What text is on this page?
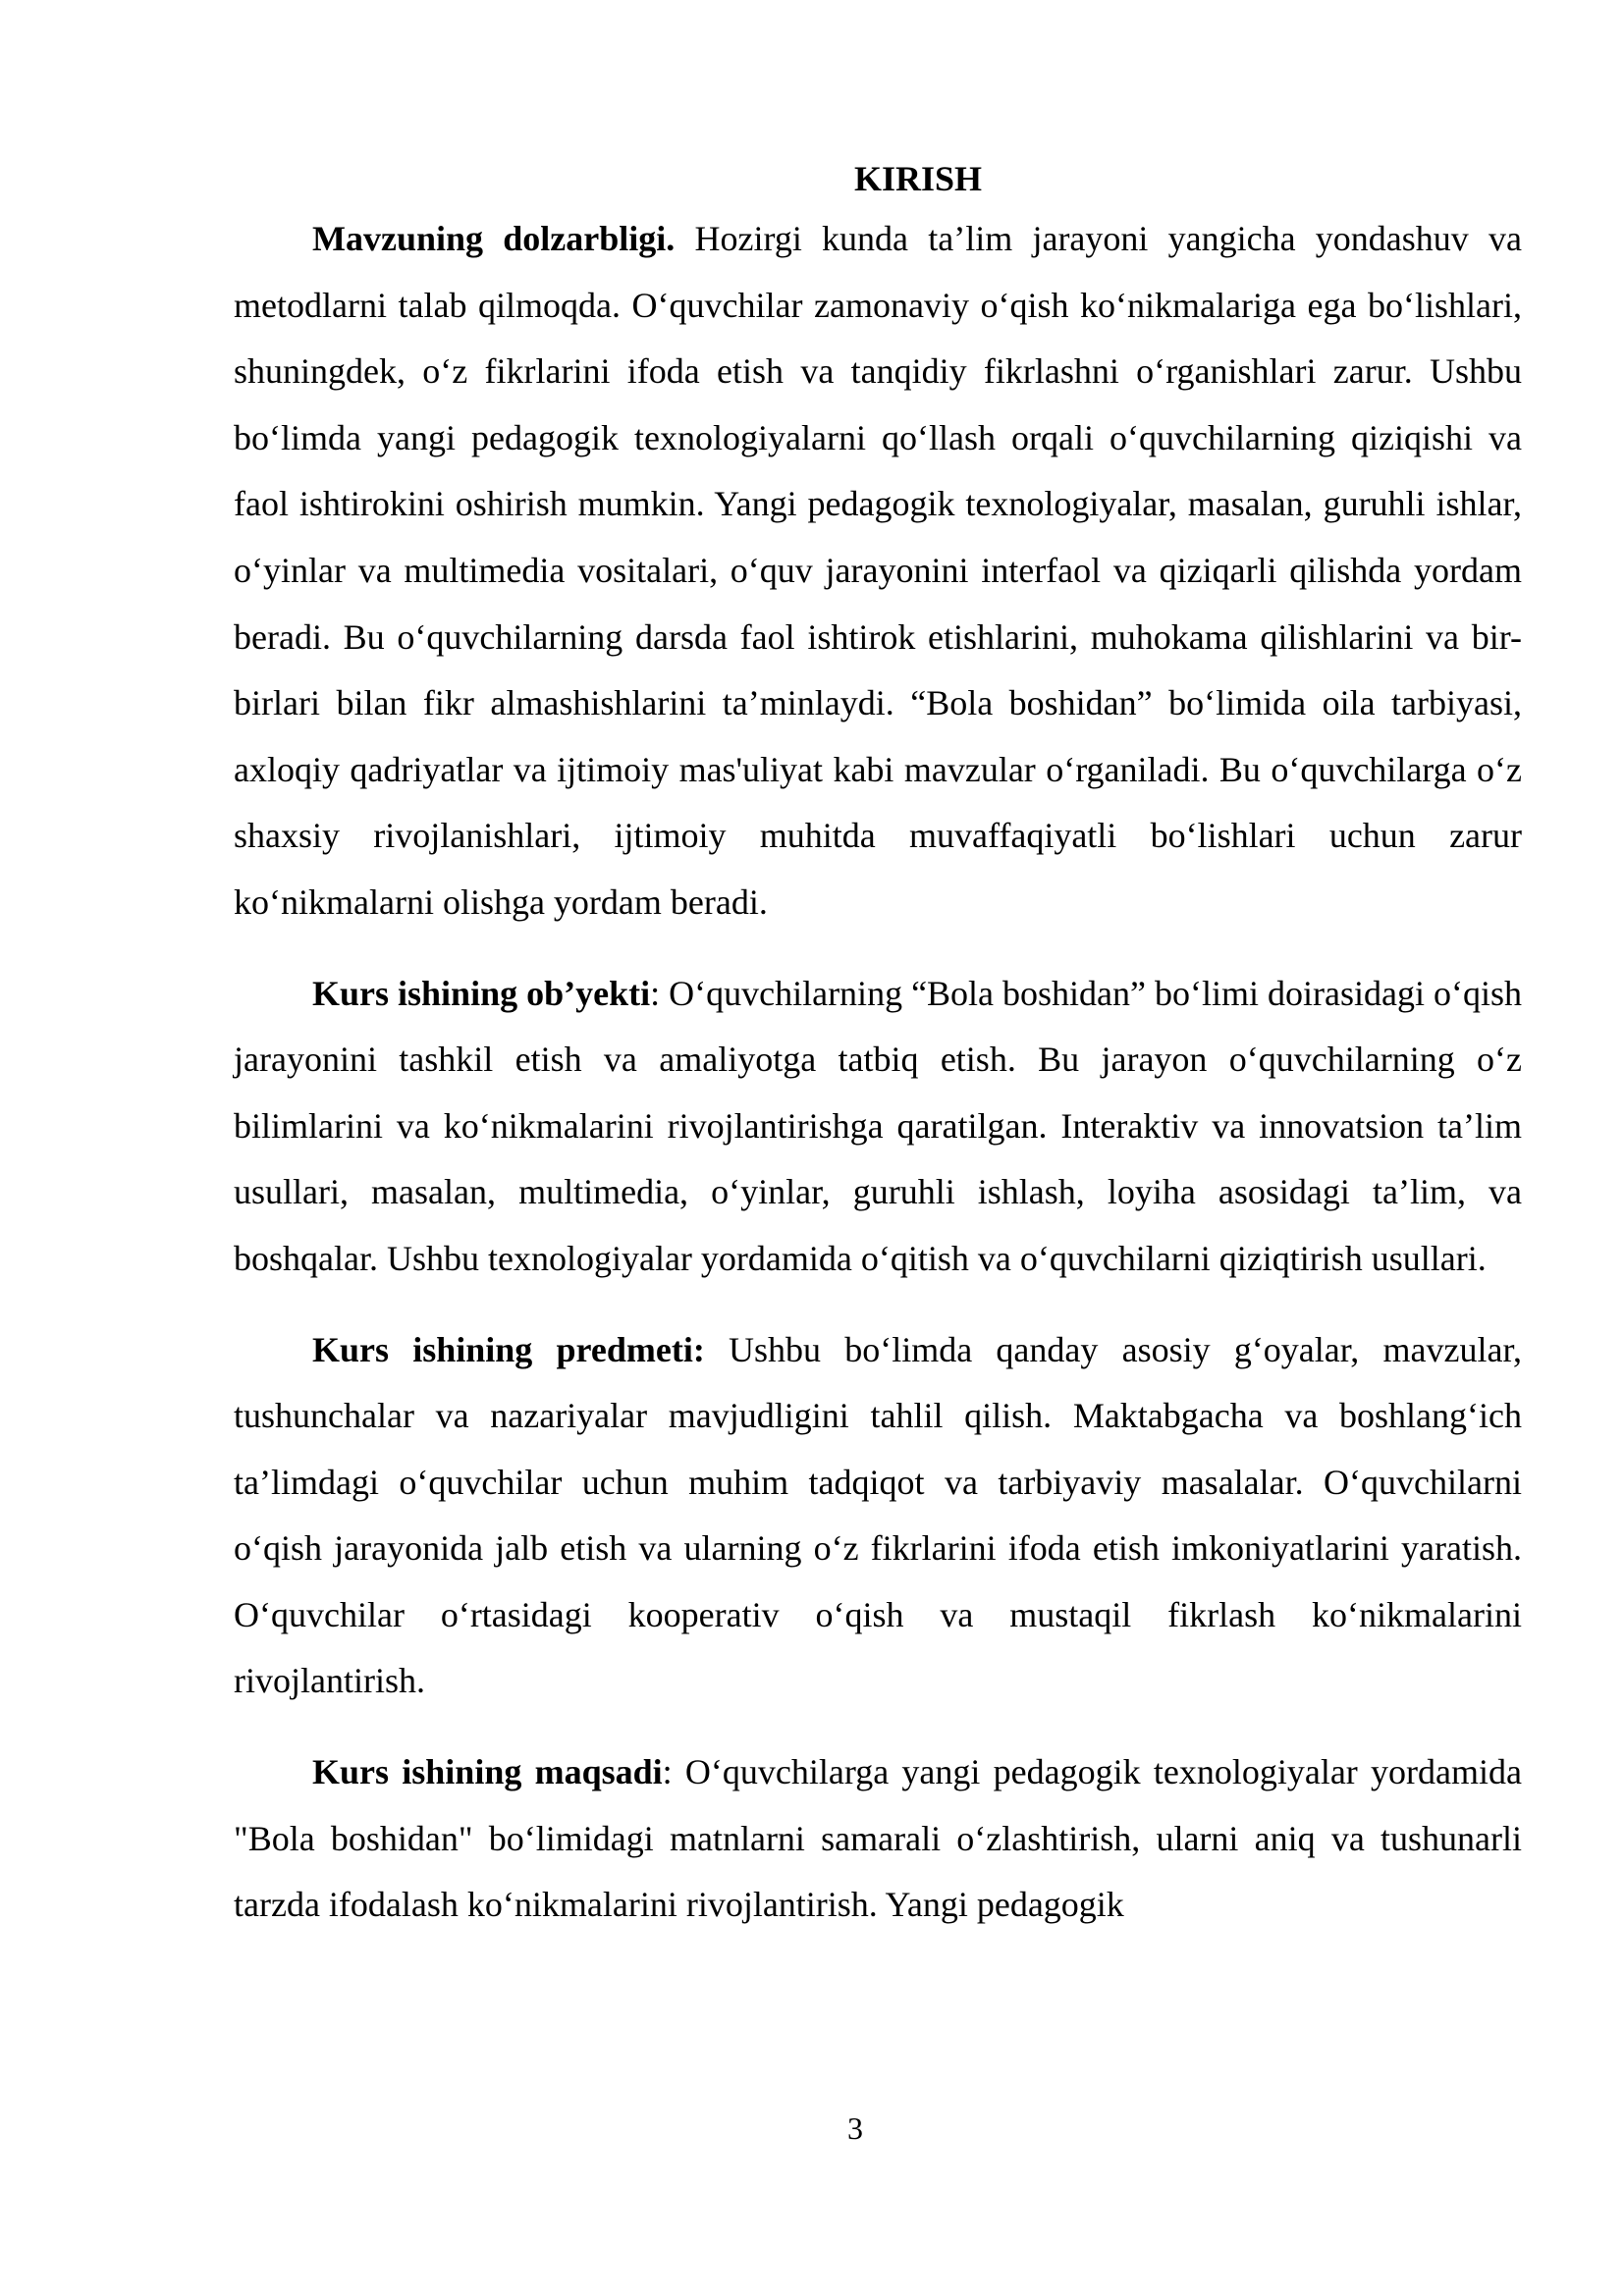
KIRISH

Mavzuning dolzarbligi. Hozirgi kunda ta’lim jarayoni yangicha yondashuv va metodlarni talab qilmoqda. O‘quvchilar zamonaviy o‘qish ko‘nikmalariga ega bo‘lishlari, shuningdek, o‘z fikrlarini ifoda etish va tanqidiy fikrlashni o‘rganishlari zarur. Ushbu bo‘limda yangi pedagogik texnologiyalarni qo‘llash orqali o‘quvchilarning qiziqishi va faol ishtirokini oshirish mumkin. Yangi pedagogik texnologiyalar, masalan, guruhli ishlar, o‘yinlar va multimedia vositalari, o‘quv jarayonini interfaol va qiziqarli qilishda yordam beradi. Bu o‘quvchilarning darsda faol ishtirok etishlarini, muhokama qilishlarini va bir-birlari bilan fikr almashishlarini ta’minlaydi. “Bola boshidan” bo‘limida oila tarbiyasi, axloqiy qadriyatlar va ijtimoiy mas'uliyat kabi mavzular o‘rganiladi. Bu o‘quvchilarga o‘z shaxsiy rivojlanishlari, ijtimoiy muhitda muvaffaqiyatli bo‘lishlari uchun zarur ko‘nikmalarni olishga yordam beradi.

Kurs ishining ob’yekti: O‘quvchilarning “Bola boshidan” bo‘limi doirasidagi o‘qish jarayonini tashkil etish va amaliyotga tatbiq etish. Bu jarayon o‘quvchilarning o‘z bilimlarini va ko‘nikmalarini rivojlantirishga qaratilgan. Interaktiv va innovatsion ta’lim usullari, masalan, multimedia, o‘yinlar, guruhli ishlash, loyiha asosidagi ta’lim, va boshqalar. Ushbu texnologiyalar yordamida o‘qitish va o‘quvchilarni qiziqtirish usullari.

Kurs ishining predmeti: Ushbu bo‘limda qanday asosiy g‘oyalar, mavzular, tushunchalar va nazariyalar mavjudligini tahlil qilish. Maktabgacha va boshlang‘ich ta’limdagi o‘quvchilar uchun muhim tadqiqot va tarbiyaviy masalalar. O‘quvchilarni o‘qish jarayonida jalb etish va ularning o‘z fikrlarini ifoda etish imkoniyatlarini yaratish. O‘quvchilar o‘rtasidagi kooperativ o‘qish va mustaqil fikrlash ko‘nikmalarini rivojlantirish.

Kurs ishining maqsadi: O‘quvchilarga yangi pedagogik texnologiyalar yordamida "Bola boshidan" bo‘limidagi matnlarni samarali o‘zlashtirish, ularni aniq va tushunarli tarzda ifodalash ko‘nikmalarini rivojlantirish. Yangi pedagogik

3
